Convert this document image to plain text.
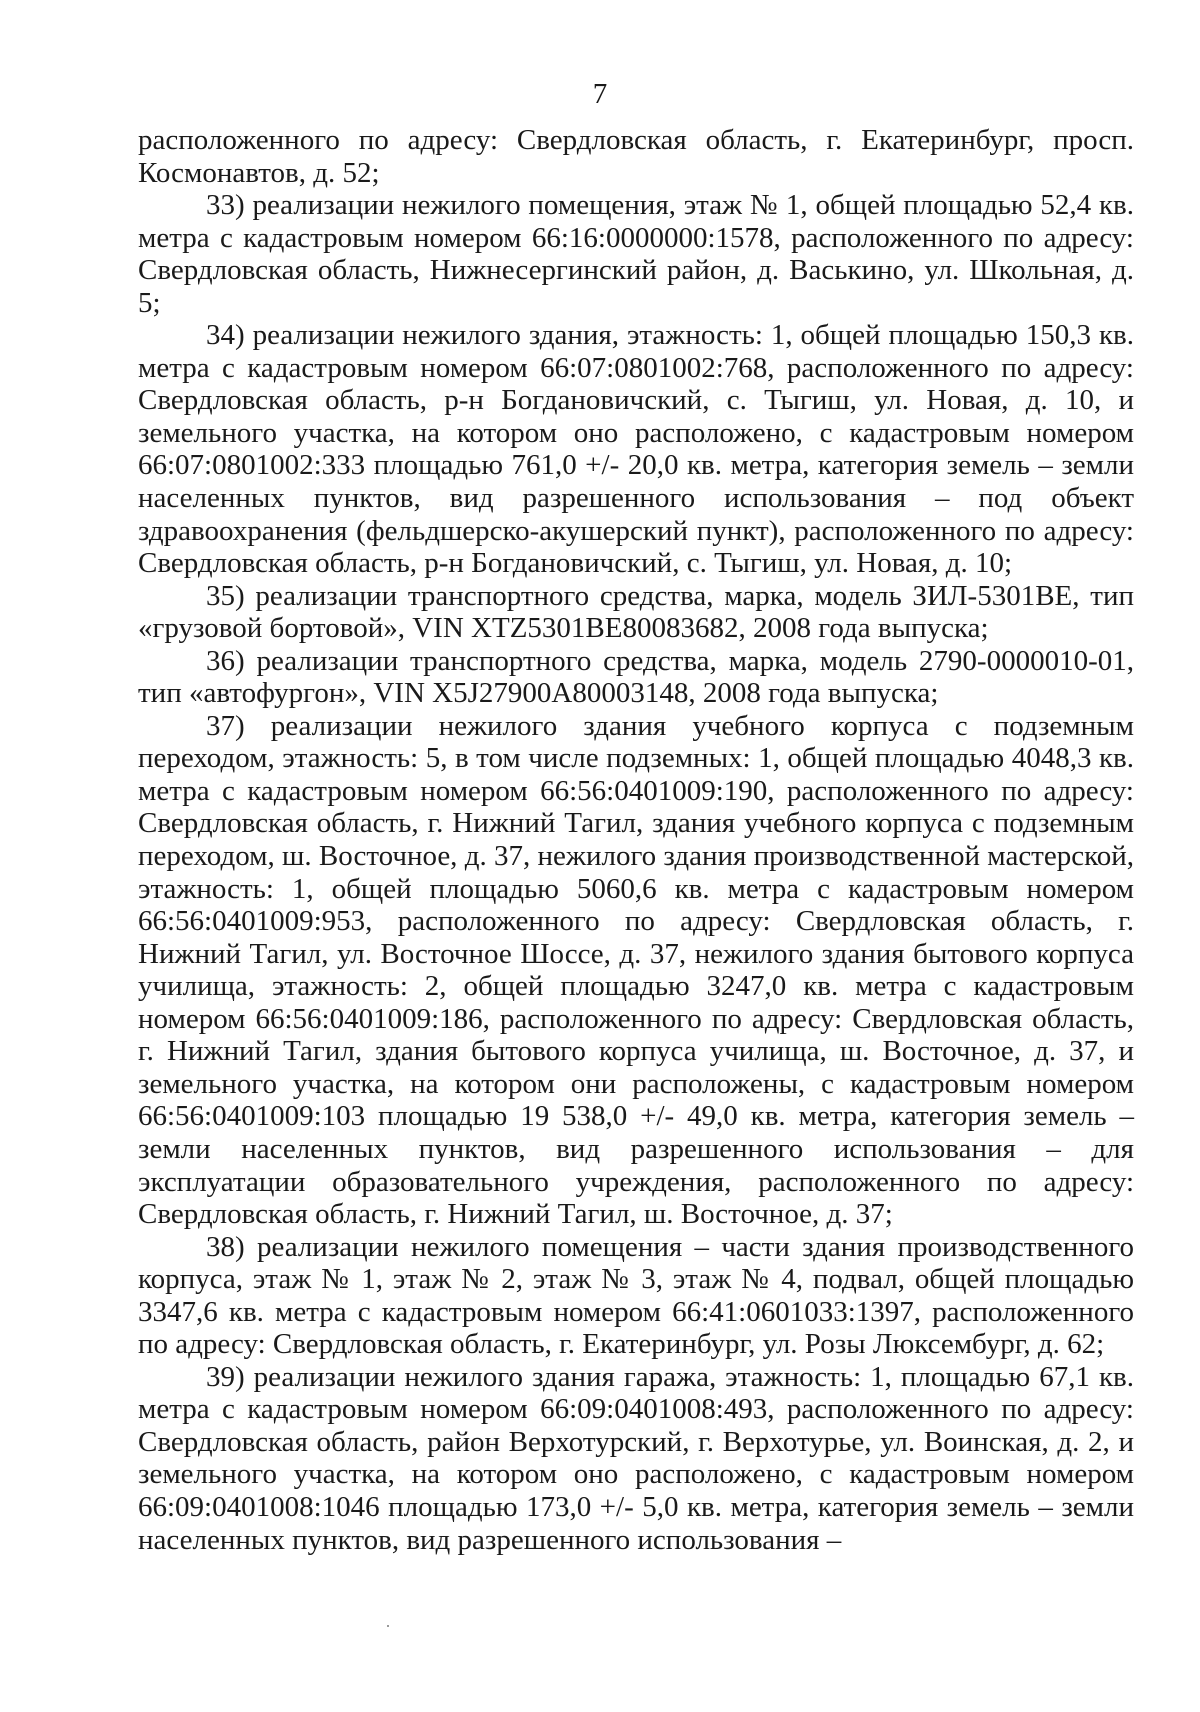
7

расположенного по адресу: Свердловская область, г. Екатеринбург, просп. Космонавтов, д. 52;

33) реализации нежилого помещения, этаж № 1, общей площадью 52,4 кв. метра с кадастровым номером 66:16:0000000:1578, расположенного по адресу: Свердловская область, Нижнесергинский район, д. Васькино, ул. Школьная, д. 5;

34) реализации нежилого здания, этажность: 1, общей площадью 150,3 кв. метра с кадастровым номером 66:07:0801002:768, расположенного по адресу: Свердловская область, р-н Богдановичский, с. Тыгиш, ул. Новая, д. 10, и земельного участка, на котором оно расположено, с кадастровым номером 66:07:0801002:333 площадью 761,0 +/- 20,0 кв. метра, категория земель – земли населенных пунктов, вид разрешенного использования – под объект здравоохранения (фельдшерско-акушерский пункт), расположенного по адресу: Свердловская область, р-н Богдановичский, с. Тыгиш, ул. Новая, д. 10;

35) реализации транспортного средства, марка, модель ЗИЛ-5301ВЕ, тип «грузовой бортовой», VIN XTZ5301BE80083682, 2008 года выпуска;

36) реализации транспортного средства, марка, модель 2790-0000010-01, тип «автофургон», VIN X5J27900A80003148, 2008 года выпуска;

37) реализации нежилого здания учебного корпуса с подземным переходом, этажность: 5, в том числе подземных: 1, общей площадью 4048,3 кв. метра с кадастровым номером 66:56:0401009:190, расположенного по адресу: Свердловская область, г. Нижний Тагил, здания учебного корпуса с подземным переходом, ш. Восточное, д. 37, нежилого здания производственной мастерской, этажность: 1, общей площадью 5060,6 кв. метра с кадастровым номером 66:56:0401009:953, расположенного по адресу: Свердловская область, г. Нижний Тагил, ул. Восточное Шоссе, д. 37, нежилого здания бытового корпуса училища, этажность: 2, общей площадью 3247,0 кв. метра с кадастровым номером 66:56:0401009:186, расположенного по адресу: Свердловская область, г. Нижний Тагил, здания бытового корпуса училища, ш. Восточное, д. 37, и земельного участка, на котором они расположены, с кадастровым номером 66:56:0401009:103 площадью 19 538,0 +/- 49,0 кв. метра, категория земель – земли населенных пунктов, вид разрешенного использования – для эксплуатации образовательного учреждения, расположенного по адресу: Свердловская область, г. Нижний Тагил, ш. Восточное, д. 37;

38) реализации нежилого помещения – части здания производственного корпуса, этаж № 1, этаж № 2, этаж № 3, этаж № 4, подвал, общей площадью 3347,6 кв. метра с кадастровым номером 66:41:0601033:1397, расположенного по адресу: Свердловская область, г. Екатеринбург, ул. Розы Люксембург, д. 62;

39) реализации нежилого здания гаража, этажность: 1, площадью 67,1 кв. метра с кадастровым номером 66:09:0401008:493, расположенного по адресу: Свердловская область, район Верхотурский, г. Верхотурье, ул. Воинская, д. 2, и земельного участка, на котором оно расположено, с кадастровым номером 66:09:0401008:1046 площадью 173,0 +/- 5,0 кв. метра, категория земель – земли населенных пунктов, вид разрешенного использования –
